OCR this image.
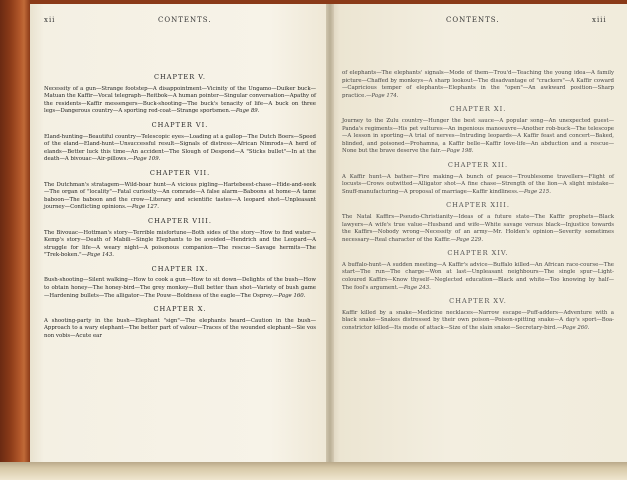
xii	CONTENTS.
CHAPTER V.
Necessity of a gun—Strange footstep—A disappointment—Vicinity of the Ungamo—Duiker buck—Matuan the Kaffir—Vocal telegraph—Reitbok—A human pointer—Singular conversation—Apathy of the residents—Kaffir messengers—Buck-shooting—The buck's tenacity of life—A buck on three legs—Dangerous country—A sporting red-coat—Strange sportsmen.—Page 89.
CHAPTER VI.
Eland-hunting—Beautiful country—Telescopic eyes—Loading at a gallop—The Dutch Boers—Speed of the eland—Eland-hunt—Unsuccessful result—Signals of distress—African Nimrods—A herd of elands—Better luck this time—An accident—The Slough of Despond—A "Sticks bullet"—In at the death—A bivouac—Air-pillows.—Page 109.
CHAPTER VII.
The Dutchman's stratagem—Wild-boar hunt—A vicious pigling—Hartebeest-chase—Hide-and-seek—The organ of "locality"—Fatal curiosity—An comrade—A false alarm—Baboons at home—A tame baboon—The baboon and the crow—Literary and scientific tastes—A leopard shot—Unpleasant journey—Conflicting opinions.—Page 127.
CHAPTER VIII.
The Bivouac—Hottman's story—Terrible misfortune—Both sides of the story—How to find water—Kemp's story—Death of Mabili—Single Elephants to be avoided—Hendrich and the Leopard—A struggle for life—A weary night—A poisonous companion—The rescue—Savage hermits—The "Trek-boken."—Page 143.
CHAPTER IX.
Bush-shooting—Silent walking—How to cook a gun—How to sit down—Delights of the bush—How to obtain honey—The honey-bird—The grey monkey—Bull better than shot—Variety of bush game—Hardening bullets—The alligator—The Pouw—Boldness of the eagle—The Osprey.—Page 160.
CHAPTER X.
A shooting-party in the bush—Elephant "sign"—The elephants heard—Caution in the bush—Approach to a wary elephant—The better part of valour—Traces of the wounded elephant—Sie vos non vobis—Acute ear
CONTENTS.	xiii
of elephants—The elephants' signals—Mode of them—Trou'd—Teaching the young idea—A family picture—Chaffed by monkeys—A sharp lookout—The disadvantage of "crackers"—A Kaffir coward—Capricious temper of elephants—Elephants in the "open"—An awkward position—Sharp practice.—Page 174.
CHAPTER XI.
Journey to the Zulu country—Hunger the best sauce—A popular song—An unexpected guest—Panda's regiments—His pet vultures—An ingenious manoeuvre—Another rob-buck—The telescope—A lesson in sporting—A trial of nerves—Intruding leopards—A Kaffir feast and concert—Baked, blinded, and poisoned—Prohamna, a Kaffir belle—Kaffir love-life—An abduction and a rescue—None but the brave deserve the fair.—Page 198.
CHAPTER XII.
A Kaffir hunt—A bather—Fire making—A bunch of peace—Troublesome travellers—Flight of locusts—Crows outwitted—Alligator shot—A fine chase—Strength of the lion—A slight mistake—Snuff-manufacturing—A proposal of marriage—Kaffir kindliness.—Page 215.
CHAPTER XIII.
The Natal Kaffirs—Pseudo-Christianity—Ideas of a future state—The Kaffir prophets—Black lawyers—A wife's true value—Husband and wife—White savage versus black—Injustice towards the Kaffirs—Nobody wrong—Necessity of an army—Mr. Holden's opinion—Severity sometimes necessary—Real character of the Kaffir.—Page 229.
CHAPTER XIV.
A buffalo-hunt—A sudden meeting—A Kaffir's advice—Buffalo killed—An African race-course—The start—The run—The charge—Won at last—Unpleasant neighbours—The single spur—Light-coloured Kaffirs—Know thyself—Neglected education—Black and white—Too knowing by half—The fool's argument.—Page 243.
CHAPTER XV.
Kaffir killed by a snake—Medicine necklaces—Narrow escape—Puff-adders—Adventure with a black snake—Snakes distressed by their own poison—Poison-spitting snake—A day's sport—Boa-constrictor killed—Its mode of attack—Size of the slain snake—Secretary-bird.—Page 260.
